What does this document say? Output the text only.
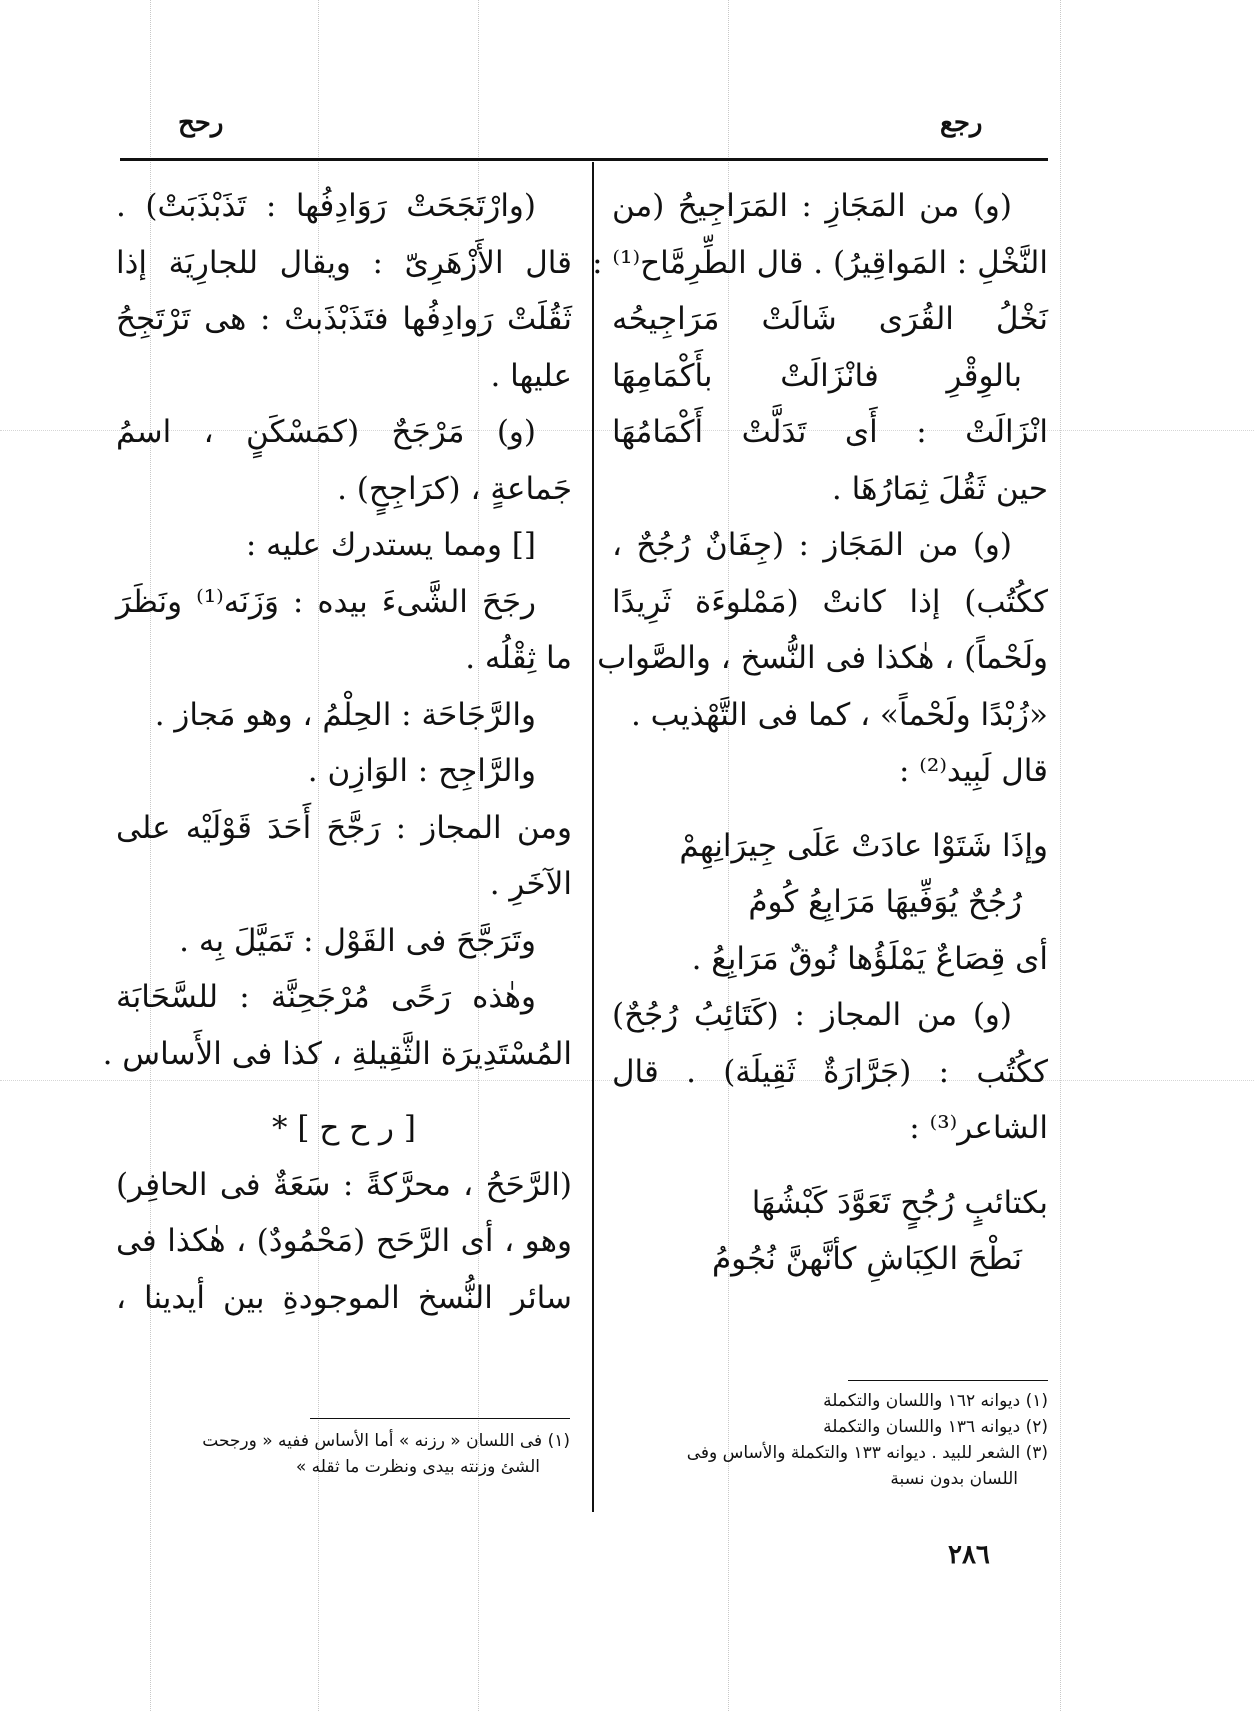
رجع
رحح
(و) من المَجَازِ : المَرَاجِيحُ (من
النَّخْلِ : المَواقِيرُ) . قال الطِّرِمَّاح⁽¹⁾ :
نَخْلُ القُرَى شَالَتْ مَرَاجِيحُه
بالوِقْرِ فانْزَالَتْ بأَكْمَامِهَا
انْزَالَتْ : أَى تَدَلَّتْ أَكْمَامُهَا
حين ثَقُلَ ثِمَارُهَا .
(و) من المَجَاز : (جِفَانٌ رُجُحٌ ،
ككُتُب) إذا كانتْ (مَمْلوءَة ثَرِيدًا
ولَحْماً) ، هٰكذا فى النُّسخ ، والصَّواب
«زُبْدًا ولَحْماً» ، كما فى التَّهْذيب .
قال لَبِيد⁽²⁾ :
وإذَا شَتَوْا عادَتْ عَلَى جِيرَانِهِمْ
رُجُحٌ يُوَفِّيهَا مَرَابِعُ كُومُ
أى قِصَاعٌ يَمْلَؤُها نُوقٌ مَرَابِعُ .
(و) من المجاز : (كَتَائِبُ رُجُحٌ)
ككُتُب : (جَرَّارَةٌ ثَقِيلَة) . قال
الشاعر⁽³⁾ :
بكتائبٍ رُجُحٍ تَعَوَّدَ كَبْشُهَا
نَطْحَ الكِبَاشِ كأنَّهنَّ نُجُومُ
(١) ديوانه ١٦٢ واللسان والتكملة
(٢) ديوانه ١٣٦ واللسان والتكملة
(٣) الشعر للبيد . ديوانه ١٣٣ والتكملة والأساس وفى
اللسان بدون نسبة
(وارْتَجَحَتْ رَوَادِفُها : تَذَبْذَبَتْ) .
قال الأَزْهَرِىّ : ويقال للجارِيَة إذا
ثَقُلَتْ رَوادِفُها فتَذَبْذَبتْ : هى تَرْتَجِحُ
عليها .
(و) مَرْجَحٌ (كمَسْكَنٍ ، اسمُ
جَماعةٍ ، (كرَاجِحٍ) .
[] ومما يستدرك عليه :
رجَحَ الشَّىءَ بيده : وَزَنَه⁽¹⁾ ونَظَرَ
ما ثِقْلُه .
والرَّجَاحَة : الحِلْمُ ، وهو مَجاز .
والرَّاجِح : الوَازِن .
ومن المجاز : رَجَّحَ أَحَدَ قَوْلَيْه على
الآخَرِ .
وتَرَجَّحَ فى القَوْل : تَمَيَّلَ بِه .
وهٰذه رَحًى مُرْجَحِنَّة : للسَّحَابَة
المُسْتَدِيرَة الثَّقِيلةِ ، كذا فى الأَساس .
[ ر ح ح ] *
(الرَّحَحُ ، محرَّكةً : سَعَةٌ فى الحافِر)
وهو ، أى الرَّحَح (مَحْمُودٌ) ، هٰكذا فى
سائر النُّسخ الموجودةِ بين أيدينا ،
(١) فى اللسان « رزنه » أما الأساس ففيه « ورجحت
الشئ وزنته بيدى ونظرت ما ثقله »
٢٨٦
